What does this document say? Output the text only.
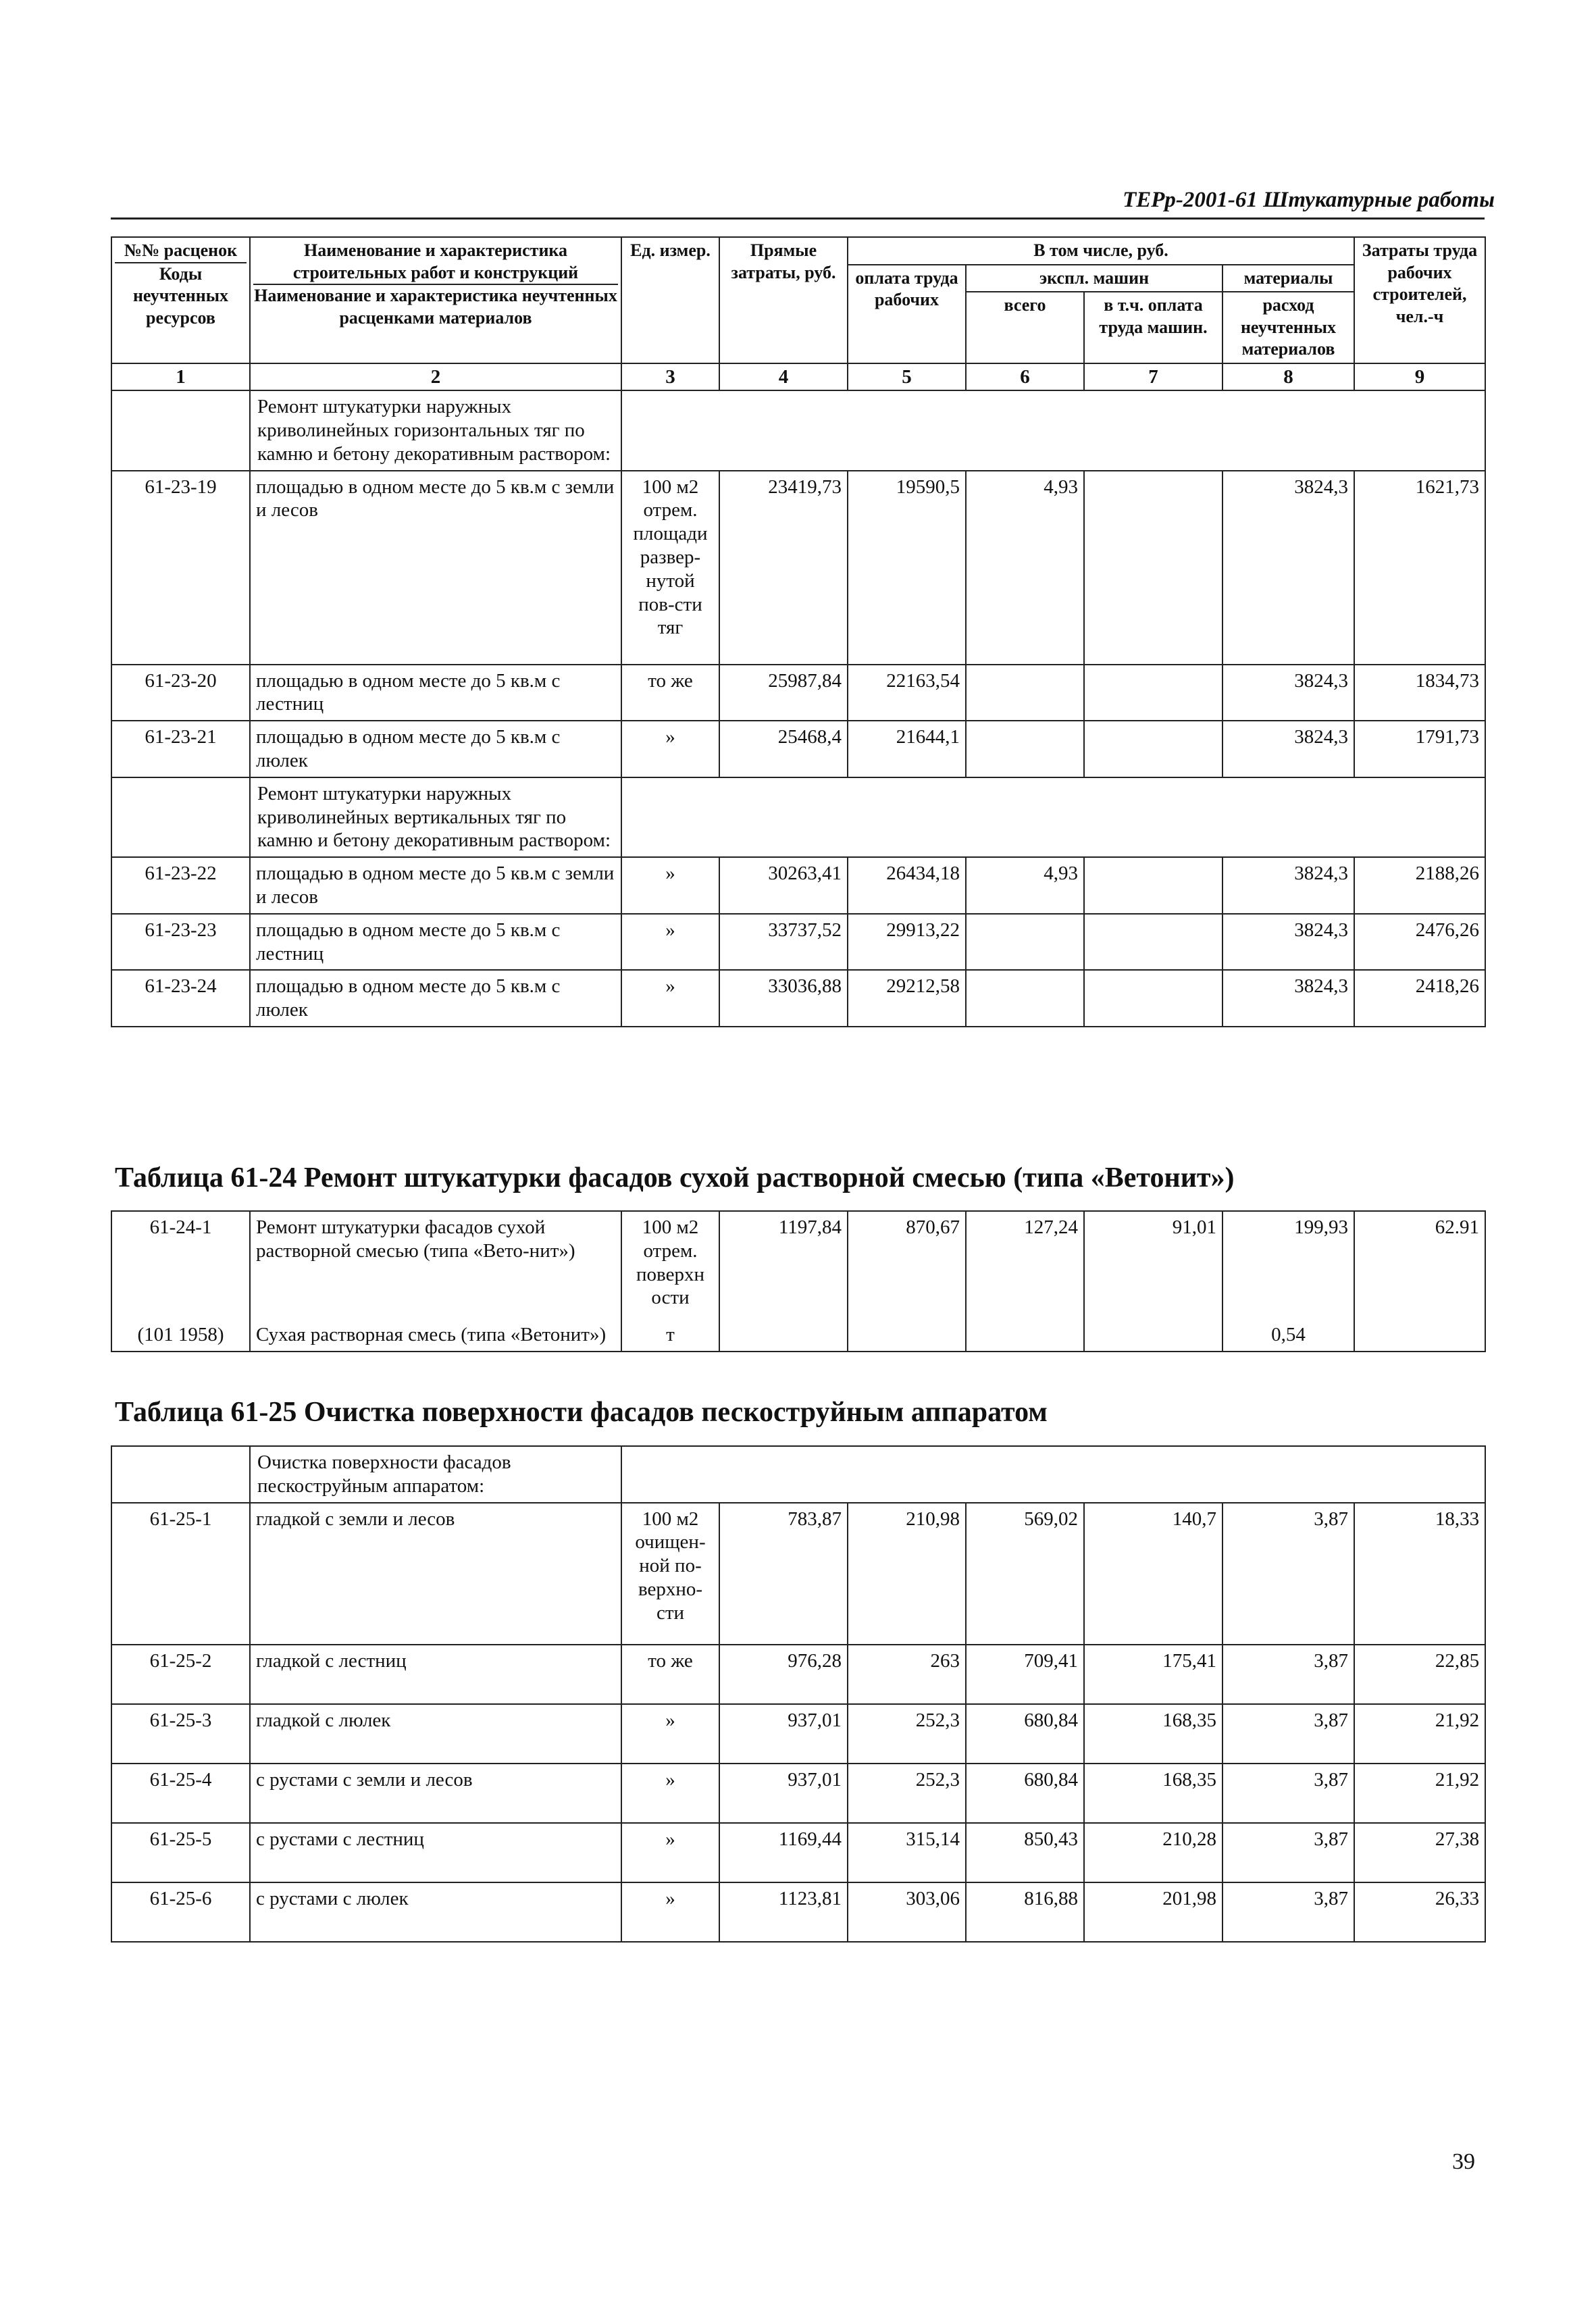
ТЕРр-2001-61 Штукатурные работы
№№ расценок
Коды неучтенных ресурсов	Наименование и характеристика строительных работ и конструкций
Наименование и характеристика неучтенных расценками материалов	Ед. измер.	Прямые затраты, руб.	В том числе, руб.				Затраты труда рабочих строителей, чел.-ч
				оплата труда рабочих	экспл. машин		материалы	
					всего	в т.ч. оплата труда машин.	расход неучтенных материалов	
1	2	3	4	5	6	7	8	9
	Ремонт штукатурки наружных криволинейных горизонтальных тяг по камню и бетону декоративным раствором:							
61-23-19	площадью в одном месте до 5 кв.м с земли и лесов	100 м2 отрем. площади развер-нутой пов-сти тяг	23419,73	19590,5	4,93		3824,3	1621,73
61-23-20	площадью в одном месте до 5 кв.м с лестниц	то же	25987,84	22163,54			3824,3	1834,73
61-23-21	площадью в одном месте до 5 кв.м с люлек	»	25468,4	21644,1			3824,3	1791,73
	Ремонт штукатурки наружных криволинейных вертикальных тяг по камню и бетону декоративным раствором:							
61-23-22	площадью в одном месте до 5 кв.м с земли и лесов	»	30263,41	26434,18	4,93		3824,3	2188,26
61-23-23	площадью в одном месте до 5 кв.м с лестниц	»	33737,52	29913,22			3824,3	2476,26
61-23-24	площадью в одном месте до 5 кв.м с люлек	»	33036,88	29212,58			3824,3	2418,26
Таблица 61-24 Ремонт штукатурки фасадов сухой растворной смесью (типа «Ветонит»)
61-24-1	Ремонт штукатурки фасадов сухой растворной смесью (типа «Вето-нит»)	100 м2 отрем. поверхн ости	1197,84	870,67	127,24	91,01	199,93	62.91
(101 1958)	Сухая растворная смесь (типа «Ветонит»)	т					0,54	
Таблица 61-25 Очистка поверхности фасадов пескоструйным аппаратом
	Очистка поверхности фасадов пескоструйным аппаратом:							
61-25-1	гладкой с земли и лесов	100 м2 очищен-ной по-верхно-сти	783,87	210,98	569,02	140,7	3,87	18,33
61-25-2	гладкой с лестниц	то же	976,28	263	709,41	175,41	3,87	22,85
61-25-3	гладкой с люлек	»	937,01	252,3	680,84	168,35	3,87	21,92
61-25-4	с рустами с земли и лесов	»	937,01	252,3	680,84	168,35	3,87	21,92
61-25-5	с рустами с лестниц	»	1169,44	315,14	850,43	210,28	3,87	27,38
61-25-6	с рустами с люлек	»	1123,81	303,06	816,88	201,98	3,87	26,33
39
